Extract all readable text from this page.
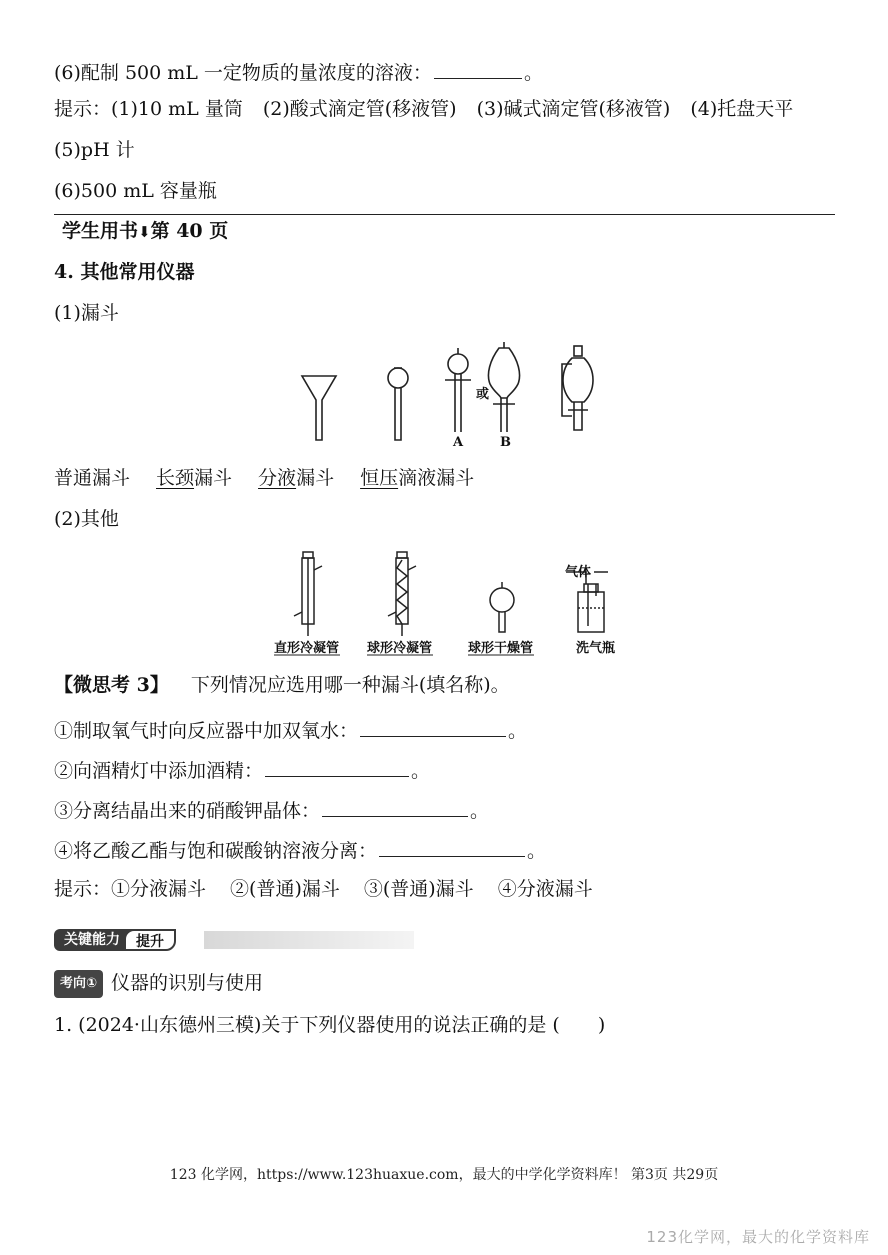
(6)配制 500 mL 一定物质的量浓度的溶液：	。
提示：(1)10 mL 量筒 (2)酸式滴定管(移液管) (3)碱式滴定管(移液管) (4)托盘天平
(5)pH 计
(6)500 mL 容量瓶
学生用书⬇第 40 页
4. 其他常用仪器
(1)漏斗
A
或
B
普通漏斗 长颈漏斗 分液漏斗 恒压滴液漏斗
(2)其他
气体
直形冷凝管 球形冷凝管	球形干燥管	洗气瓶
【微思考 3】 下列情况应选用哪一种漏斗(填名称)。
①制取氧气时向反应器中加双氧水：	。
②向酒精灯中添加酒精：	。
③分离结晶出来的硝酸钾晶体：	。
④将乙酸乙酯与饱和碳酸钠溶液分离：	。
提示：①分液漏斗 ②(普通)漏斗 ③(普通)漏斗 ④分液漏斗
关键能力 提升
考向① 仪器的识别与使用
1. (2024·山东德州三模)关于下列仪器使用的说法正确的是 (　　)
123 化学网，https://www.123huaxue.com，最大的中学化学资料库！ 第3页 共29页
123化学网，最大的化学资料库
